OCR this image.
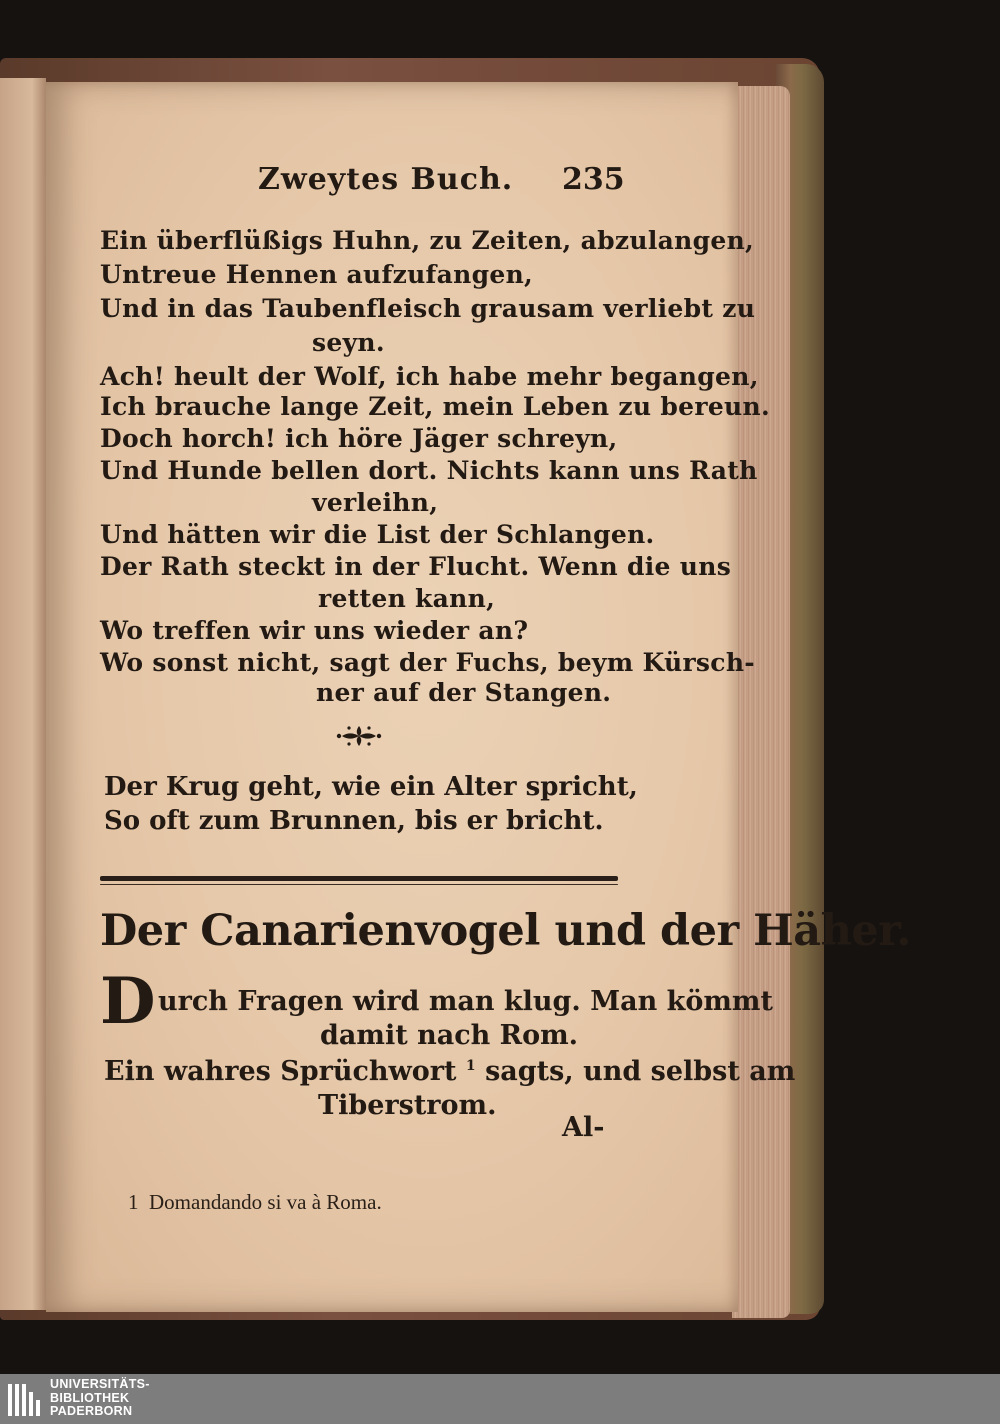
Zweytes Buch. 235
Ein überflüßigs Huhn, zu Zeiten, abzulangen,
Untreue Hennen aufzufangen,
Und in das Taubenfleisch grausam verliebt zu
seyn.
Ach! heult der Wolf, ich habe mehr begangen,
Ich brauche lange Zeit, mein Leben zu bereun.
Doch horch! ich höre Jäger schreyn,
Und Hunde bellen dort. Nichts kann uns Rath
verleihn,
Und hätten wir die List der Schlangen.
Der Rath steckt in der Flucht. Wenn die uns
retten kann,
Wo treffen wir uns wieder an?
Wo sonst nicht, sagt der Fuchs, beym Kürsch-
ner auf der Stangen.
Der Krug geht, wie ein Alter spricht,
So oft zum Brunnen, bis er bricht.
Der Canarienvogel und der Häher.
D urch Fragen wird man klug. Man kömmt
damit nach Rom.
Ein wahres Sprüchwort $^1$ sagts, und selbst am
Tiberstrom.
Al-
1 Domandando si va à Roma.
UNIVERSITÄTS-
BIBLIOTHEK
PADERBORN
